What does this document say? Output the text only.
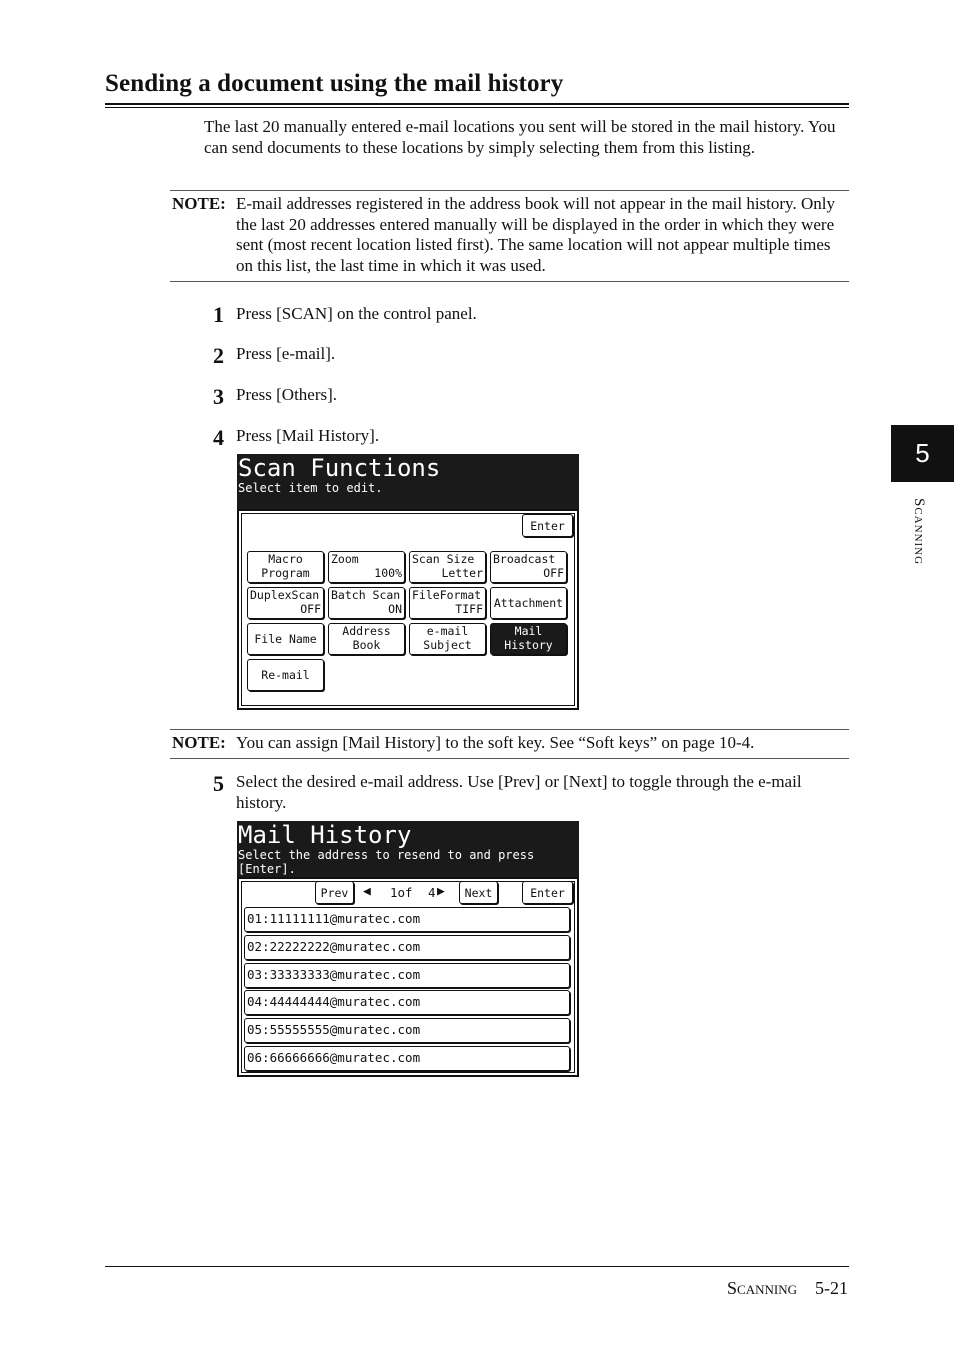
Sending a document using the mail history

The last 20 manually entered e-mail locations you sent will be stored in the mail history. You can send documents to these locations by simply selecting them from this listing.

NOTE: E-mail addresses registered in the address book will not appear in the mail history. Only the last 20 addresses entered manually will be displayed in the order in which they were sent (most recent location listed first). The same location will not appear multiple times on this list, the last time in which it was used.

1 Press [SCAN] on the control panel.
2 Press [e-mail].
3 Press [Others].
4 Press [Mail History].
Scan Functions
Select item to edit.
Enter
Macro
Program
Zoom
100%
Scan Size
Letter
Broadcast
OFF
DuplexScan
OFF
Batch Scan
ON
FileFormat
TIFF Attachment
File Name
Address
Book
e-mail
Subject
Mail
History
Re-mail
NOTE: You can assign [Mail History] to the soft key. See “Soft keys” on page 10-4.
5 Select the desired e-mail address. Use [Prev] or [Next] to toggle through the e-mail history.

Mail History
Select the address to resend to and press
[Enter].
Prev ◀ 1of 4 ▶ Next	Enter
01:11111111@muratec.com
02:22222222@muratec.com
03:33333333@muratec.com
04:44444444@muratec.com
05:55555555@muratec.com
06:66666666@muratec.com
5
Scanning
Scanning 5-21
